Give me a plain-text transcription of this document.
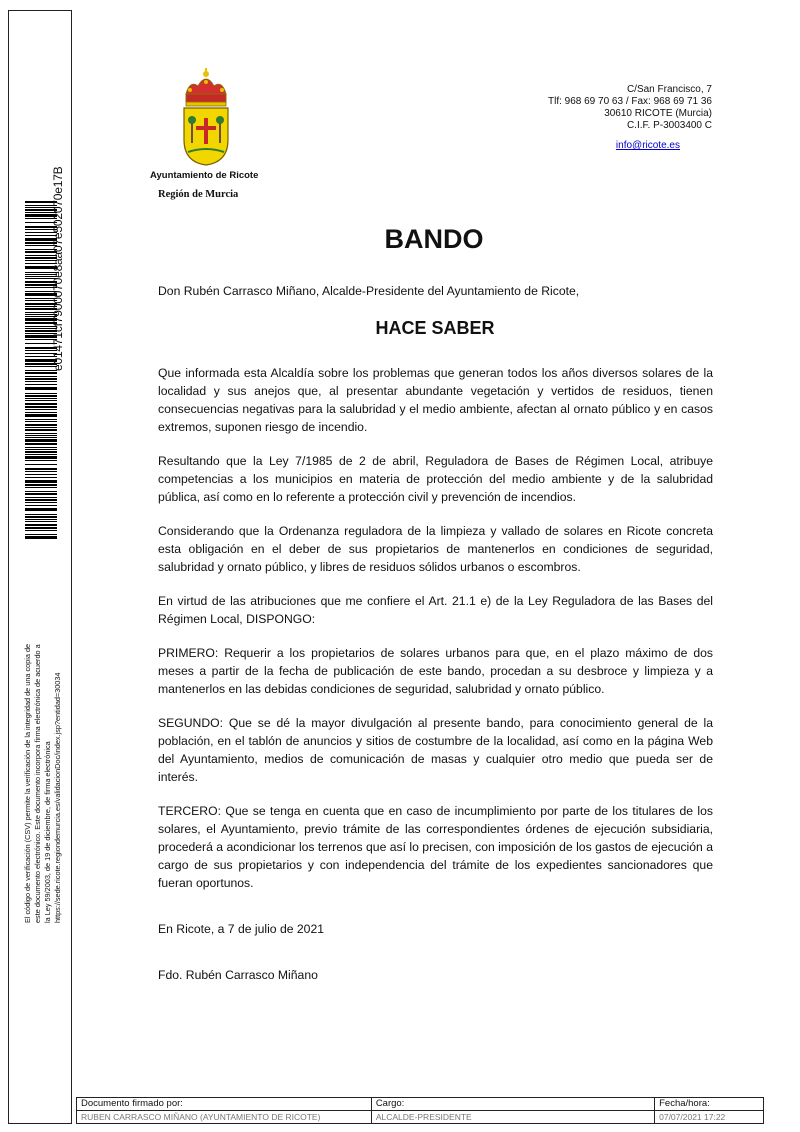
e01471cf7900070e8aa07e502070e17B
El código de verificación (CSV) permite la verificación de la integridad de una copia de este documento electrónico. Este documento incorpora firma electrónica de acuerdo a la Ley 59/2003, de 19 de diciembre, de firma electrónica https://sede.ricote.regiondemurcia.es/validacionDoc/index.jsp?entidad=30034
Ayuntamiento de Ricote
Región de Murcia
C/San Francisco, 7
Tlf: 968 69 70 63 / Fax: 968 69 71 36
30610 RICOTE (Murcia)
C.I.F. P-3003400 C
info@ricote.es
BANDO
Don Rubén Carrasco Miñano, Alcalde-Presidente del Ayuntamiento de Ricote,
HACE SABER

Que informada esta Alcaldía sobre los problemas que generan todos los años diversos solares de la localidad y sus anejos que, al presentar abundante vegetación y vertidos de residuos, tienen consecuencias negativas para la salubridad y el medio ambiente, afectan al ornato público y en casos extremos, suponen riesgo de incendio.

Resultando que la Ley 7/1985 de 2 de abril, Reguladora de Bases de Régimen Local, atribuye competencias a los municipios en materia de protección del medio ambiente y de la salubridad pública, así como en lo referente a protección civil y prevención de incendios.

Considerando que la Ordenanza reguladora de la limpieza y vallado de solares en Ricote concreta esta obligación en el deber de sus propietarios de mantenerlos en condiciones de seguridad, salubridad y ornato público, y libres de residuos sólidos urbanos o escombros.

En virtud de las atribuciones que me confiere el Art. 21.1 e) de la Ley Reguladora de las Bases del Régimen Local, DISPONGO:

PRIMERO: Requerir a los propietarios de solares urbanos para que, en el plazo máximo de dos meses a partir de la fecha de publicación de este bando, procedan a su desbroce y limpieza y a mantenerlos en las debidas condiciones de seguridad, salubridad y ornato público.

SEGUNDO: Que se dé la mayor divulgación al presente bando, para conocimiento general de la población, en el tablón de anuncios y sitios de costumbre de la localidad, así como en la página Web del Ayuntamiento, medios de comunicación de masas y cualquier otro medio que pueda ser de interés.

TERCERO: Que se tenga en cuenta que en caso de incumplimiento por parte de los titulares de los solares, el Ayuntamiento, previo trámite de las correspondientes órdenes de ejecución subsidiaria, procederá a acondicionar los terrenos que así lo precisen, con imposición de los gastos de ejecución a cargo de sus propietarios y con independencia del trámite de los expedientes sancionadores que fueran oportunos.

En Ricote, a 7 de julio de 2021

Fdo. Rubén Carrasco Miñano

Documento firmado por:	Cargo:	Fecha/hora:
RUBEN CARRASCO MIÑANO (AYUNTAMIENTO DE RICOTE)	ALCALDE-PRESIDENTE	07/07/2021 17:22
